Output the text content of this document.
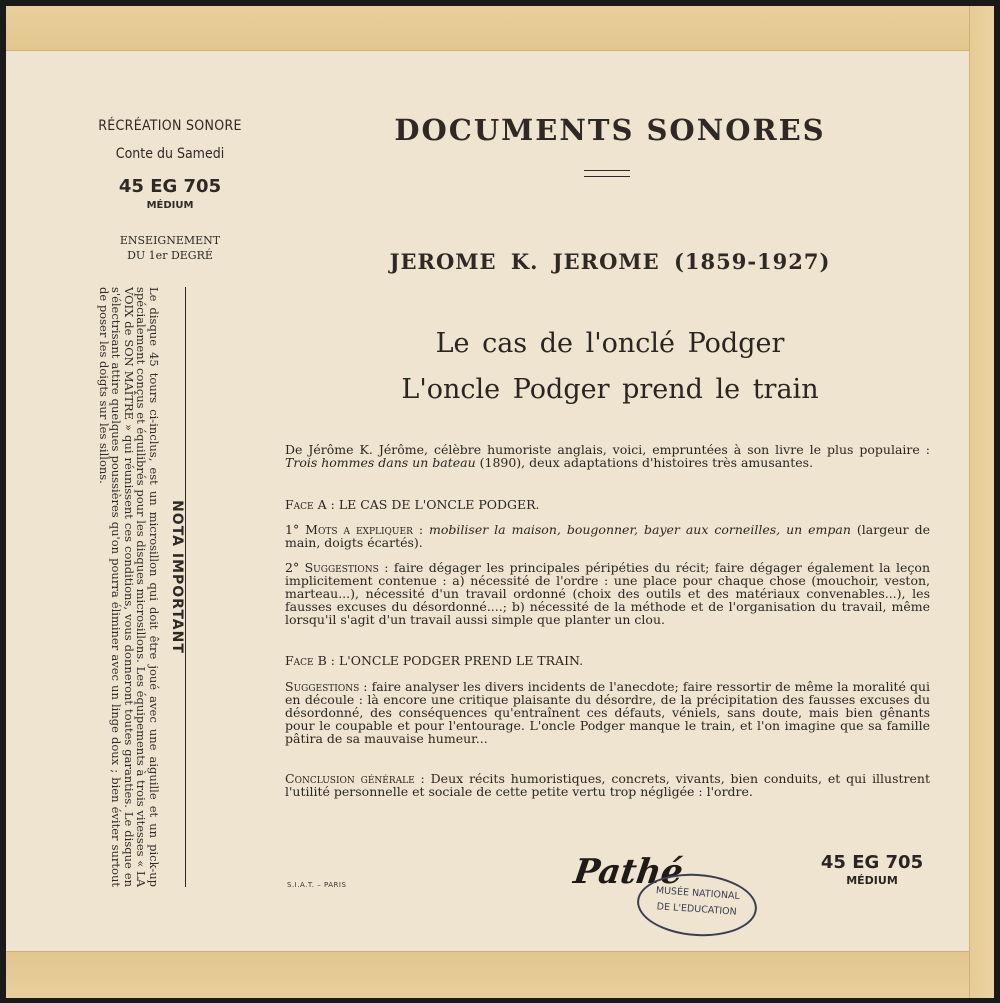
RÉCRÉATION SONORE
Conte du Samedi
45 EG 705
MÉDIUM
ENSEIGNEMENT
DU 1er DEGRÉ
NOTA IMPORTANT
Le disque 45 tours ci-inclus, est un microsillon qui doit être joué avec une aiguille et un pick-up spécialement conçus et équilibrés pour les disques microsillons. Les équipements à trois vitesses « LA VOIX de SON MAÎTRE » qui réunissent ces conditions, vous donneront toutes garanties. Le disque en s'électrisant attire quelques poussières qu'on pourra éliminer avec un linge doux ; bien éviter surtout de poser les doigts sur les sillons.
DOCUMENTS SONORES
JEROME K. JEROME (1859-1927)
Le cas de l'onclé Podger
L'oncle Podger prend le train
De Jérôme K. Jérôme, célèbre humoriste anglais, voici, empruntées à son livre le plus populaire : Trois hommes dans un bateau (1890), deux adaptations d'histoires très amusantes.
Face A : LE CAS DE L'ONCLE PODGER.
1° Mots a expliquer : mobiliser la maison, bougonner, bayer aux corneilles, un empan (largeur de main, doigts écartés).
2° Suggestions : faire dégager les principales péripéties du récit; faire dégager également la leçon implicitement contenue : a) nécessité de l'ordre : une place pour chaque chose (mouchoir, veston, marteau...), nécessité d'un travail ordonné (choix des outils et des matériaux convenables...), les fausses excuses du désordonné....; b) nécessité de la méthode et de l'organisation du travail, même lorsqu'il s'agit d'un travail aussi simple que planter un clou.
Face B : L'ONCLE PODGER PREND LE TRAIN.
Suggestions : faire analyser les divers incidents de l'anecdote; faire ressortir de même la moralité qui en découle : là encore une critique plaisante du désordre, de la précipitation des fausses excuses du désordonné, des conséquences qu'entraînent ces défauts, véniels, sans doute, mais bien gênants pour le coupable et pour l'entourage. L'oncle Podger manque le train, et l'on imagine que sa famille pâtira de sa mauvaise humeur...
Conclusion générale : Deux récits humoristiques, concrets, vivants, bien conduits, et qui illustrent l'utilité personnelle et sociale de cette petite vertu trop négligée : l'ordre.
S.I.A.T. – PARIS	Pathé
MUSÉE NATIONAL
DE L'EDUCATION
45 EG 705
MÉDIUM
